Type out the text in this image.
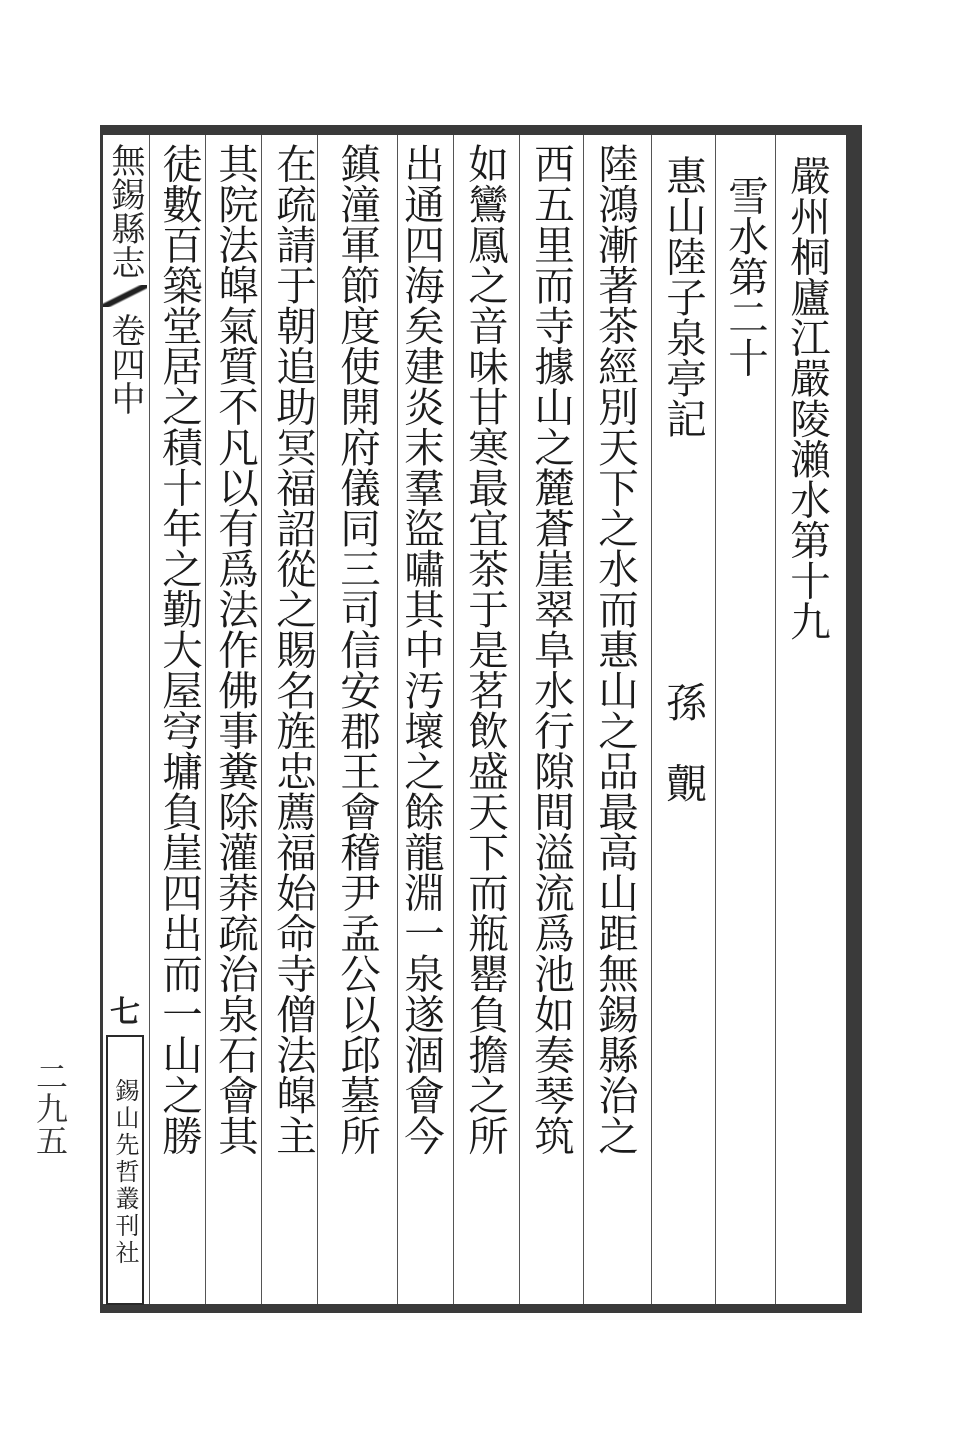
無錫縣志卷四中
七
錫山先哲叢刊社
徒數百築堂居之積十年之勤大屋穹墉負崖四出而一山之勝 其院法皡氣質不凡以有爲法作佛事糞除灌莽疏治泉石會其 在疏請于朝追助冥福詔從之賜名旌忠薦福始命寺僧法皡主 鎮潼軍節度使開府儀同三司信安郡王會稽尹孟公以邱墓所 出通四海矣建炎末羣盜嘯其中汚壞之餘龍淵一泉遂涸會今 如鸞鳳之音味甘寒最宜茶于是茗飲盛天下而瓶罌負擔之所 西五里而寺據山之麓蒼崖翠阜水行隙間溢流爲池如奏琴筑 陸鴻漸著茶經別天下之水而惠山之品最高山距無錫縣治之 惠山陸子泉亭記　　　　　　孫　覿 雪水第二十 嚴州桐廬江嚴陵瀨水第十九
二九五
